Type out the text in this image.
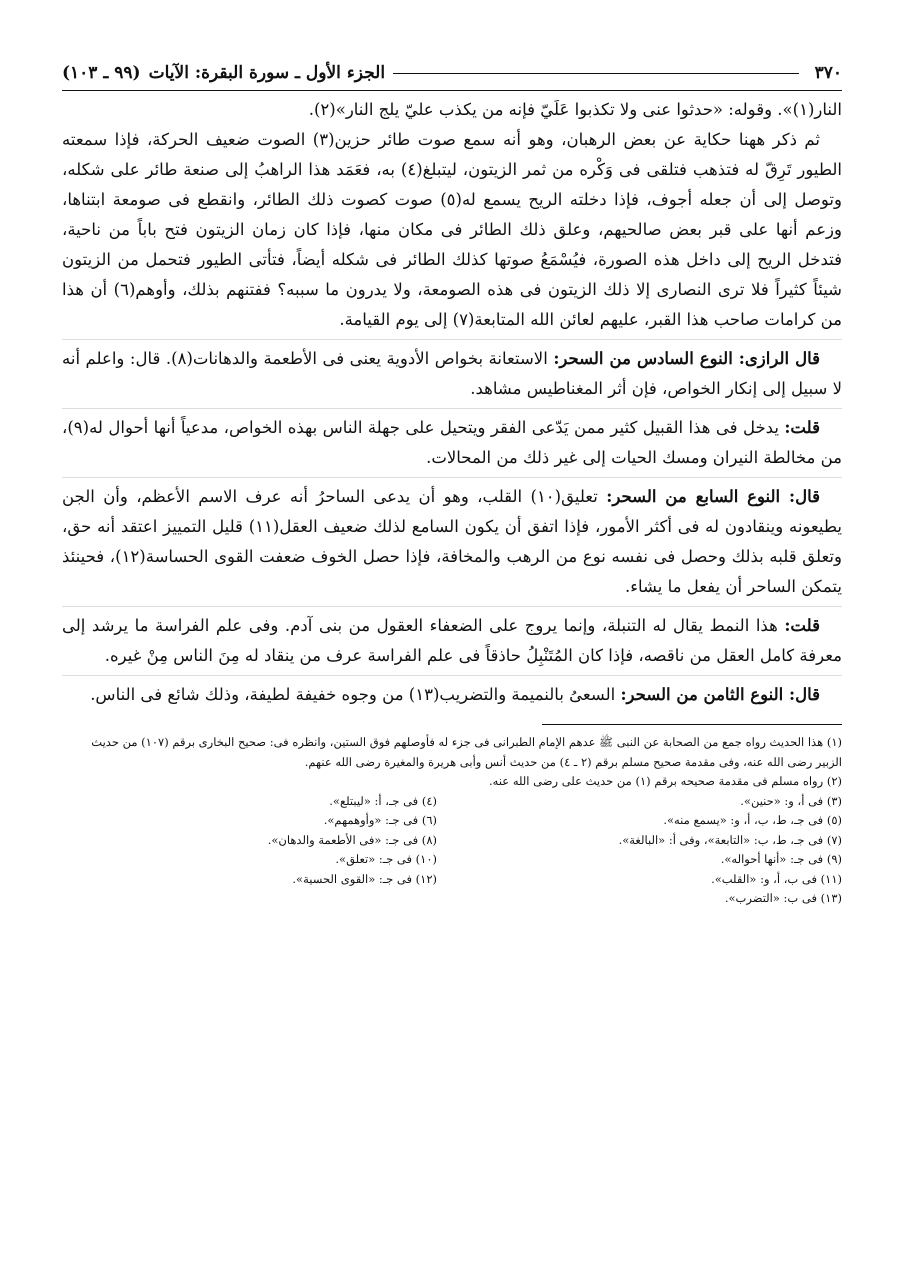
٣٧٠
الجزء الأول ـ سورة البقرة: الآيات
(٩٩ ـ ١٠٣)

النار(١)». وقوله: «حدثوا عنى ولا تكذبوا عَلَيّ فإنه من يكذب عليّ يلج النار»(٢).

ثم ذكر ههنا حكاية عن بعض الرهبان، وهو أنه سمع صوت طائر حزين(٣) الصوت ضعيف الحركة، فإذا سمعته الطيور تَرِقّ له فتذهب فتلقى فى وَكْره من ثمر الزيتون، ليتبلغ(٤) به، فعَمَد هذا الراهبُ إلى صنعة طائر على شكله، وتوصل إلى أن جعله أجوف، فإذا دخلته الريح يسمع له(٥) صوت كصوت ذلك الطائر، وانقطع فى صومعة ابتناها، وزعم أنها على قبر بعض صالحيهم، وعلق ذلك الطائر فى مكان منها، فإذا كان زمان الزيتون فتح باباً من ناحية، فتدخل الريح إلى داخل هذه الصورة، فيُسْمَعُ صوتها كذلك الطائر فى شكله أيضاً، فتأتى الطيور فتحمل من الزيتون شيئاً كثيراً فلا ترى النصارى إلا ذلك الزيتون فى هذه الصومعة، ولا يدرون ما سببه؟ ففتنهم بذلك، وأوهم(٦) أن هذا من كرامات صاحب هذا القبر، عليهم لعائن الله المتابعة(٧) إلى يوم القيامة.

قال الرازى: النوع السادس من السحر: الاستعانة بخواص الأدوية يعنى فى الأطعمة والدهانات(٨). قال: واعلم أنه لا سبيل إلى إنكار الخواص، فإن أثر المغناطيس مشاهد.

قلت: يدخل فى هذا القبيل كثير ممن يَدّعى الفقر ويتحيل على جهلة الناس بهذه الخواص، مدعياً أنها أحوال له(٩)، من مخالطة النيران ومسك الحيات إلى غير ذلك من المحالات.

قال: النوع السابع من السحر: تعليق(١٠) القلب، وهو أن يدعى الساحرُ أنه عرف الاسم الأعظم، وأن الجن يطيعونه وينقادون له فى أكثر الأمور، فإذا اتفق أن يكون السامع لذلك ضعيف العقل(١١) قليل التمييز اعتقد أنه حق، وتعلق قلبه بذلك وحصل فى نفسه نوع من الرهب والمخافة، فإذا حصل الخوف ضعفت القوى الحساسة(١٢)، فحينئذ يتمكن الساحر أن يفعل ما يشاء.

قلت: هذا النمط يقال له التنبلة، وإنما يروج على الضعفاء العقول من بنى آدم. وفى علم الفراسة ما يرشد إلى معرفة كامل العقل من ناقصه، فإذا كان المُتَنْبِلُ حاذقاً فى علم الفراسة عرف من ينقاد له مِنَ الناس مِنْ غيره.

قال: النوع الثامن من السحر: السعىُ بالنميمة والتضريب(١٣) من وجوه خفيفة لطيفة، وذلك شائع فى الناس.

(١) هذا الحديث رواه جمع من الصحابة عن النبى ﷺ عدهم الإمام الطبرانى فى جزء له فأوصلهم فوق الستين، وانظره فى: صحيح البخارى برقم (١٠٧) من حديث الزبير رضى الله عنه، وفى مقدمة صحيح مسلم برقم (٢ ـ ٤) من حديث أنس وأبى هريرة والمغيرة رضى الله عنهم.

(٢) رواه مسلم فى مقدمة صحيحه برقم (١) من حديث على رضى الله عنه.

(٣) فى أ، و: «حنين».

(٤) فى جـ، أ: «ليبتلع».

(٥) فى جـ، ط، ب، أ، و: «يسمع منه».

(٦) فى جـ: «وأوهمهم».

(٧) فى جـ، ط، ب: «التابعة»، وفى أ: «البالغة».

(٨) فى جـ: «فى الأطعمة والدهان».

(٩) فى جـ: «أنها أحواله».

(١٠) فى جـ: «تعلق».

(١١) فى ب، أ، و: «القلب».

(١٢) فى جـ: «القوى الحسية».

(١٣) فى ب: «التضرب».
